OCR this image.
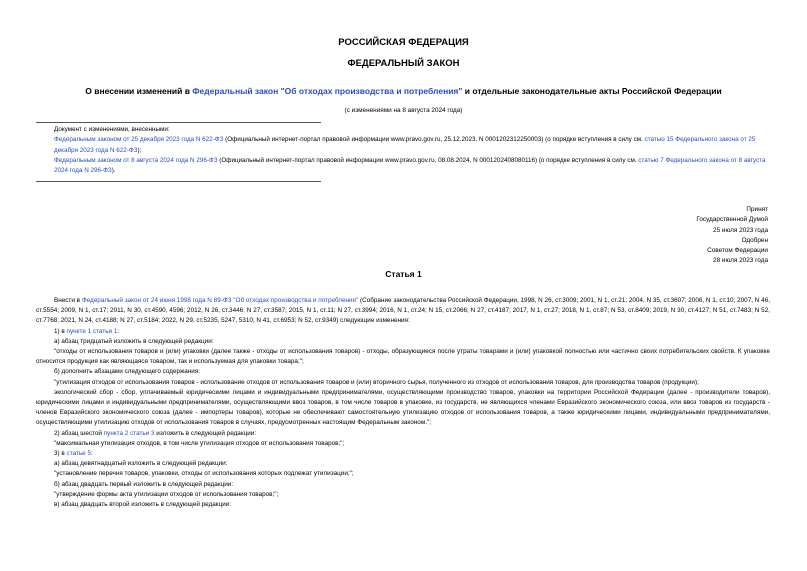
РОССИЙСКАЯ ФЕДЕРАЦИЯ
ФЕДЕРАЛЬНЫЙ ЗАКОН
О внесении изменений в Федеральный закон "Об отходах производства и потребления" и отдельные законодательные акты Российской Федерации
(с изменениями на 8 августа 2024 года)
Документ с изменениями, внесенными:
Федеральным законом от 25 декабря 2023 года N 622-ФЗ (Официальный интернет-портал правовой информации www.pravo.gov.ru, 25.12.2023, N 0001202312250003) (о порядке вступления в силу см. статью 15 Федерального закона от 25 декабря 2023 года N 622-ФЗ);
Федеральным законом от 8 августа 2024 года N 296-ФЗ (Официальный интернет-портал правовой информации www.pravo.gov.ru, 08.08.2024, N 0001202408080116) (о порядке вступления в силу см. статью 7 Федерального закона от 8 августа 2024 года N 296-ФЗ).
Принят
Государственной Думой
25 июля 2023 года
Одобрен
Советом Федерации
28 июля 2023 года
Статья 1

Внести в Федеральный закон от 24 июня 1998 года N 89-ФЗ "Об отходах производства и потребления" (Собрание законодательства Российской Федерации, 1998, N 26, ст.3009; 2001, N 1, ст.21; 2004, N 35, ст.3607; 2006, N 1, ст.10; 2007, N 46, ст.5554; 2009, N 1, ст.17; 2011, N 30, ст.4590, 4596; 2012, N 26, ст.3446; N 27, ст.3587; 2015, N 1, ст.11; N 27, ст.3994; 2016, N 1, ст.24; N 15, ст.2066; N 27, ст.4187; 2017, N 1, ст.27; 2018, N 1, ст.87; N 53, ст.8409; 2019, N 30, ст.4127; N 51, ст.7483; N 52, ст.7768; 2021, N 24, ст.4188; N 27, ст.5184; 2022, N 29, ст.5235, 5247, 5310; N 41, ст.6953; N 52, ст.9349) следующие изменения:

1) в пункте 1 статьи 1:

а) абзац тридцатый изложить в следующей редакции:

"отходы от использования товаров и (или) упаковки (далее также - отходы от использования товаров) - отходы, образующиеся после утраты товарами и (или) упаковкой полностью или частично своих потребительских свойств. К упаковке относится продукция как являющаяся товаром, так и используемая для упаковки товара;";

б) дополнить абзацами следующего содержания:

"утилизация отходов от использования товаров - использование отходов от использования товаров и (или) вторичного сырья, полученного из отходов от использования товаров, для производства товаров (продукции);

экологический сбор - сбор, уплачиваемый юридическими лицами и индивидуальными предпринимателями, осуществляющими производство товаров, упаковки на территории Российской Федерации (далее - производители товаров), юридическими лицами и индивидуальными предпринимателями, осуществляющими ввоз товаров, в том числе товаров в упаковке, из государств, не являющихся членами Евразийского экономического союза, или ввоз товаров из государств - членов Евразийского экономического союза (далее - импортеры товаров), которые не обеспечивают самостоятельную утилизацию отходов от использования товаров, а также юридическими лицами, индивидуальными предпринимателями, осуществляющими утилизацию отходов от использования товаров в случаях, предусмотренных настоящим Федеральным законом.";

2) абзац шестой пункта 2 статьи 3 изложить в следующей редакции:

"максимальная утилизация отходов, в том числе утилизация отходов от использования товаров;";

3) в статье 5:

а) абзац девятнадцатый изложить в следующей редакции:

"установление перечня товаров, упаковки, отходы от использования которых подлежат утилизации;";

б) абзац двадцать первый изложить в следующей редакции:

"утверждение формы акта утилизации отходов от использования товаров;";

в) абзац двадцать второй изложить в следующей редакции:
